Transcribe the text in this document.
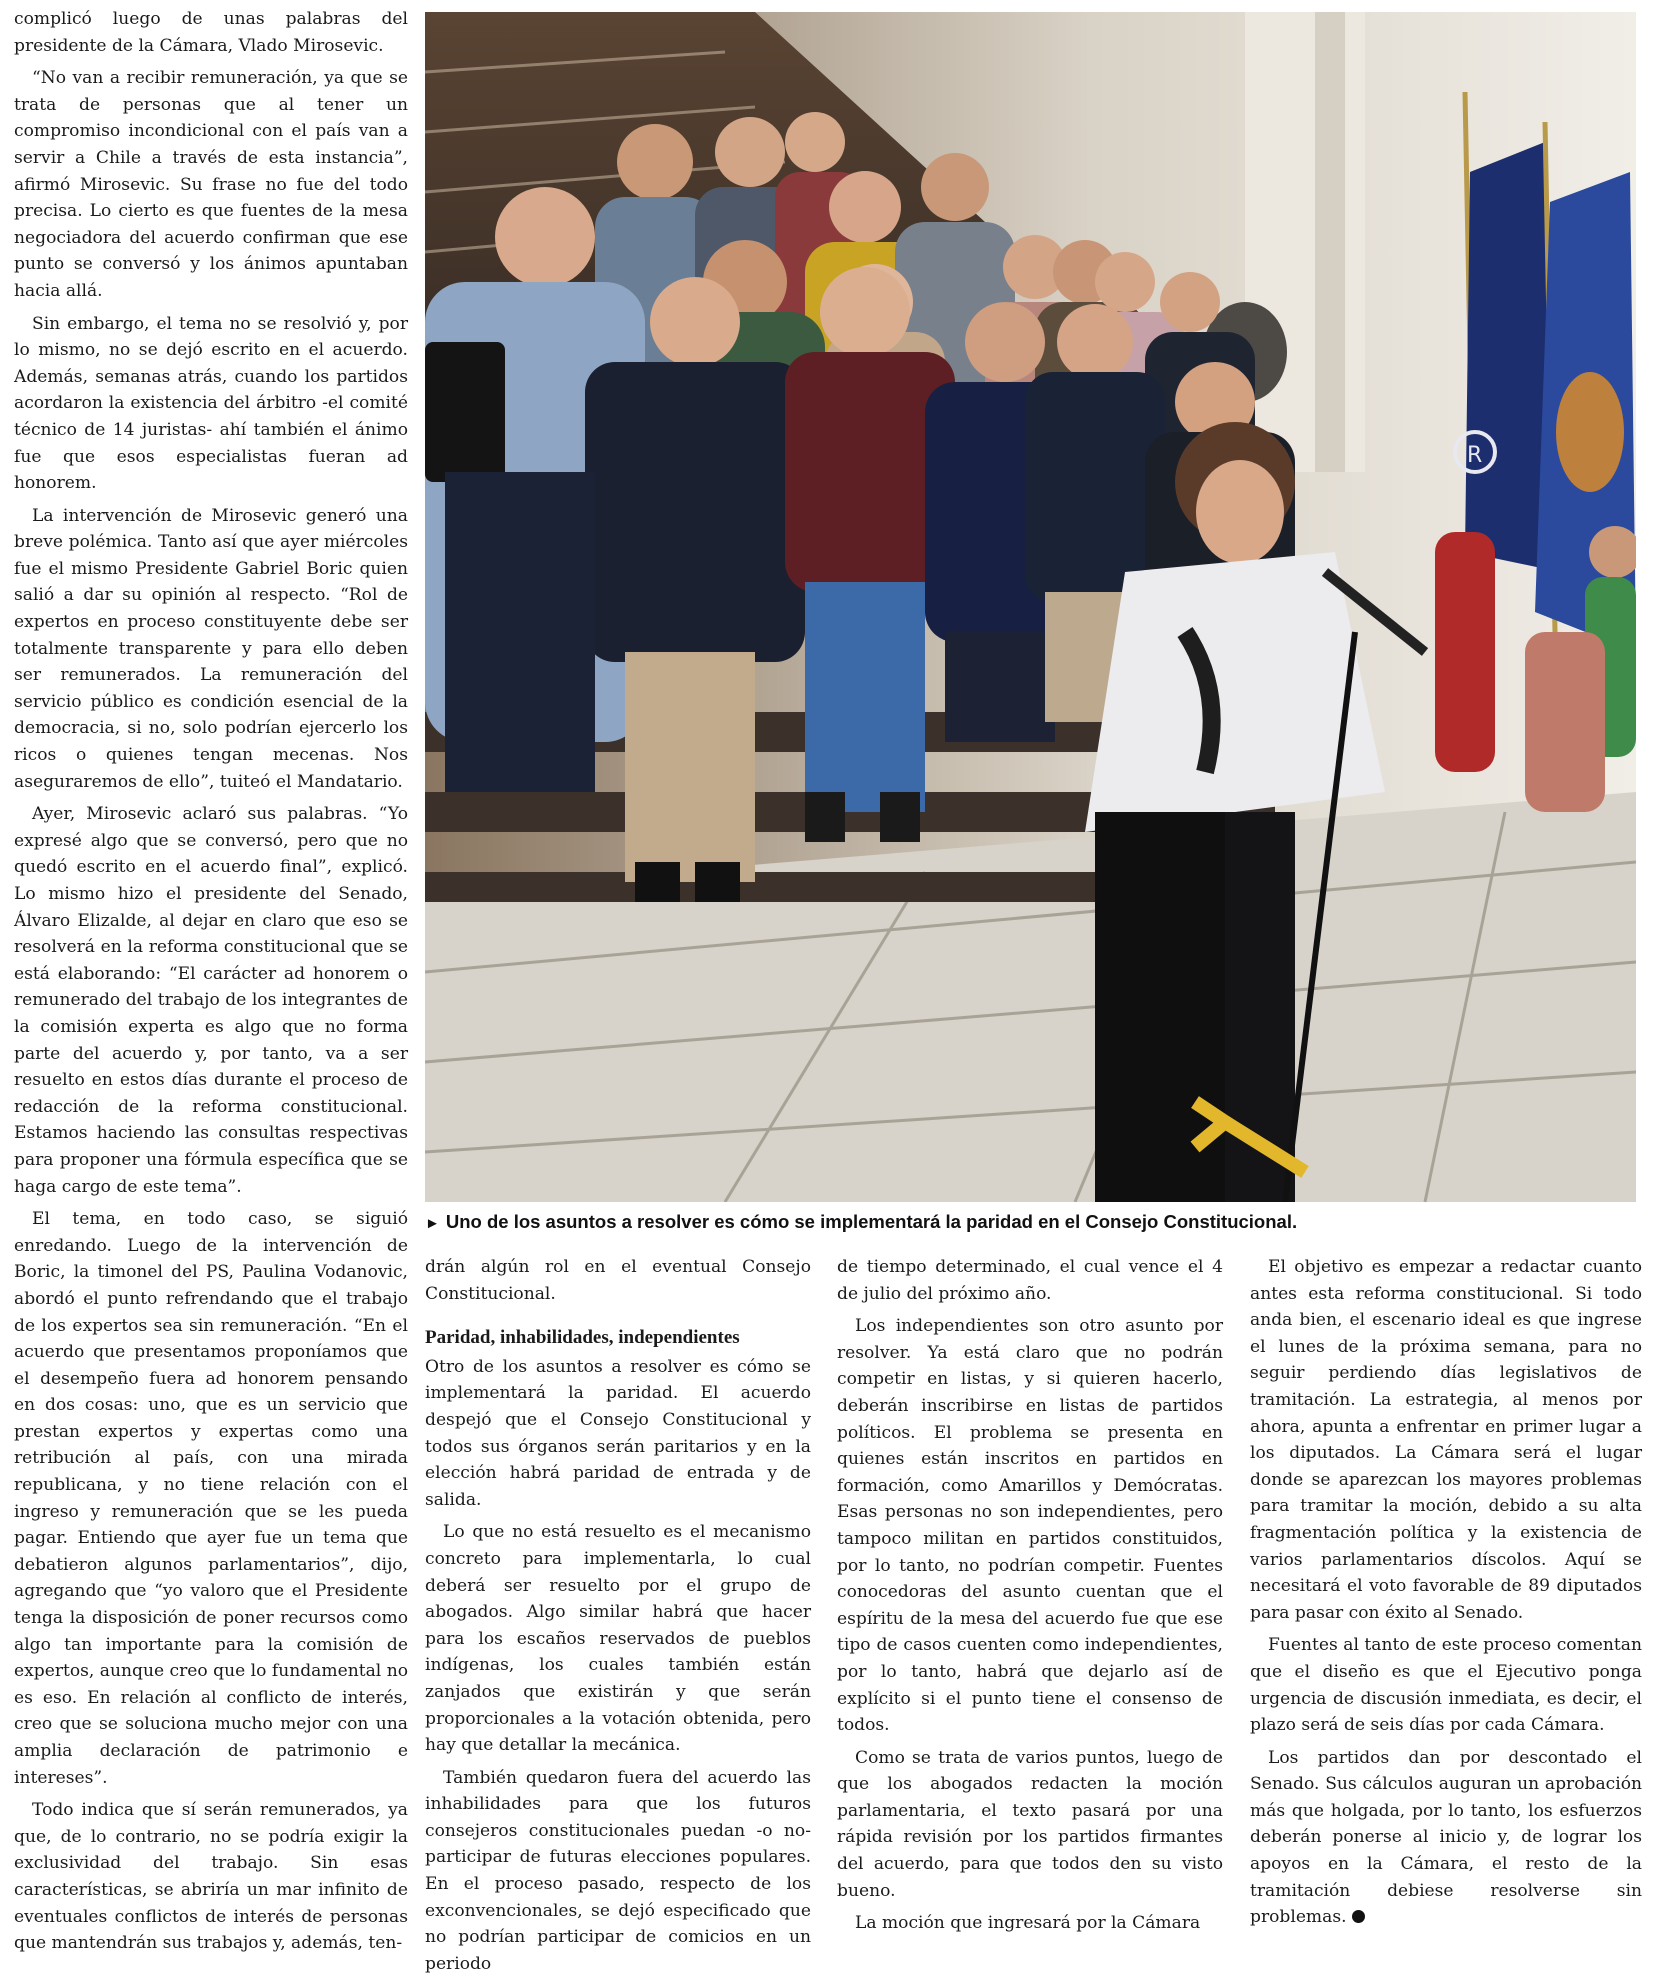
complicó luego de unas palabras del presidente de la Cámara, Vlado Mirosevic.

“No van a recibir remuneración, ya que se trata de personas que al tener un compromiso incondicional con el país van a servir a Chile a través de esta instancia”, afirmó Mirosevic. Su frase no fue del todo precisa. Lo cierto es que fuentes de la mesa negociadora del acuerdo confirman que ese punto se conversó y los ánimos apuntaban hacia allá.

Sin embargo, el tema no se resolvió y, por lo mismo, no se dejó escrito en el acuerdo. Además, semanas atrás, cuando los partidos acordaron la existencia del árbitro -el comité técnico de 14 juristas- ahí también el ánimo fue que esos especialistas fueran ad honorem.

La intervención de Mirosevic generó una breve polémica. Tanto así que ayer miércoles fue el mismo Presidente Gabriel Boric quien salió a dar su opinión al respecto. “Rol de expertos en proceso constituyente debe ser totalmente transparente y para ello deben ser remunerados. La remuneración del servicio público es condición esencial de la democracia, si no, solo podrían ejercerlo los ricos o quienes tengan mecenas. Nos aseguraremos de ello”, tuiteó el Mandatario.

Ayer, Mirosevic aclaró sus palabras. “Yo expresé algo que se conversó, pero que no quedó escrito en el acuerdo final”, explicó. Lo mismo hizo el presidente del Senado, Álvaro Elizalde, al dejar en claro que eso se resolverá en la reforma constitucional que se está elaborando: “El carácter ad honorem o remunerado del trabajo de los integrantes de la comisión experta es algo que no forma parte del acuerdo y, por tanto, va a ser resuelto en estos días durante el proceso de redacción de la reforma constitucional. Estamos haciendo las consultas respectivas para proponer una fórmula específica que se haga cargo de este tema”.

El tema, en todo caso, se siguió enredando. Luego de la intervención de Boric, la timonel del PS, Paulina Vodanovic, abordó el punto refrendando que el trabajo de los expertos sea sin remuneración. “En el acuerdo que presentamos proponíamos que el desempeño fuera ad honorem pensando en dos cosas: uno, que es un servicio que prestan expertos y expertas como una retribución al país, con una mirada republicana, y no tiene relación con el ingreso y remuneración que se les pueda pagar. Entiendo que ayer fue un tema que debatieron algunos parlamentarios”, dijo, agregando que “yo valoro que el Presidente tenga la disposición de poner recursos como algo tan importante para la comisión de expertos, aunque creo que lo fundamental no es eso. En relación al conflicto de interés, creo que se soluciona mucho mejor con una amplia declaración de patrimonio e intereses”.

Todo indica que sí serán remunerados, ya que, de lo contrario, no se podría exigir la exclusividad del trabajo. Sin esas características, se abriría un mar infinito de eventuales conflictos de interés de personas que mantendrán sus trabajos y, además, ten-

R
► Uno de los asuntos a resolver es cómo se implementará la paridad en el Consejo Constitucional.

drán algún rol en el eventual Consejo Constitucional.

Paridad, inhabilidades, independientes

Otro de los asuntos a resolver es cómo se implementará la paridad. El acuerdo despejó que el Consejo Constitucional y todos sus órganos serán paritarios y en la elección habrá paridad de entrada y de salida.

Lo que no está resuelto es el mecanismo concreto para implementarla, lo cual deberá ser resuelto por el grupo de abogados. Algo similar habrá que hacer para los escaños reservados de pueblos indígenas, los cuales también están zanjados que existirán y que serán proporcionales a la votación obtenida, pero hay que detallar la mecánica.

También quedaron fuera del acuerdo las inhabilidades para que los futuros consejeros constitucionales puedan -o no- participar de futuras elecciones populares. En el proceso pasado, respecto de los exconvencionales, se dejó especificado que no podrían participar de comicios en un periodo

de tiempo determinado, el cual vence el 4 de julio del próximo año.

Los independientes son otro asunto por resolver. Ya está claro que no podrán competir en listas, y si quieren hacerlo, deberán inscribirse en listas de partidos políticos. El problema se presenta en quienes están inscritos en partidos en formación, como Amarillos y Demócratas. Esas personas no son independientes, pero tampoco militan en partidos constituidos, por lo tanto, no podrían competir. Fuentes conocedoras del asunto cuentan que el espíritu de la mesa del acuerdo fue que ese tipo de casos cuenten como independientes, por lo tanto, habrá que dejarlo así de explícito si el punto tiene el consenso de todos.

Como se trata de varios puntos, luego de que los abogados redacten la moción parlamentaria, el texto pasará por una rápida revisión por los partidos firmantes del acuerdo, para que todos den su visto bueno.

La moción que ingresará por la Cámara

El objetivo es empezar a redactar cuanto antes esta reforma constitucional. Si todo anda bien, el escenario ideal es que ingrese el lunes de la próxima semana, para no seguir perdiendo días legislativos de tramitación. La estrategia, al menos por ahora, apunta a enfrentar en primer lugar a los diputados. La Cámara será el lugar donde se aparezcan los mayores problemas para tramitar la moción, debido a su alta fragmentación política y la existencia de varios parlamentarios díscolos. Aquí se necesitará el voto favorable de 89 diputados para pasar con éxito al Senado.

Fuentes al tanto de este proceso comentan que el diseño es que el Ejecutivo ponga urgencia de discusión inmediata, es decir, el plazo será de seis días por cada Cámara.

Los partidos dan por descontado el Senado. Sus cálculos auguran un aprobación más que holgada, por lo tanto, los esfuerzos deberán ponerse al inicio y, de lograr los apoyos en la Cámara, el resto de la tramitación debiese resolverse sin problemas.
